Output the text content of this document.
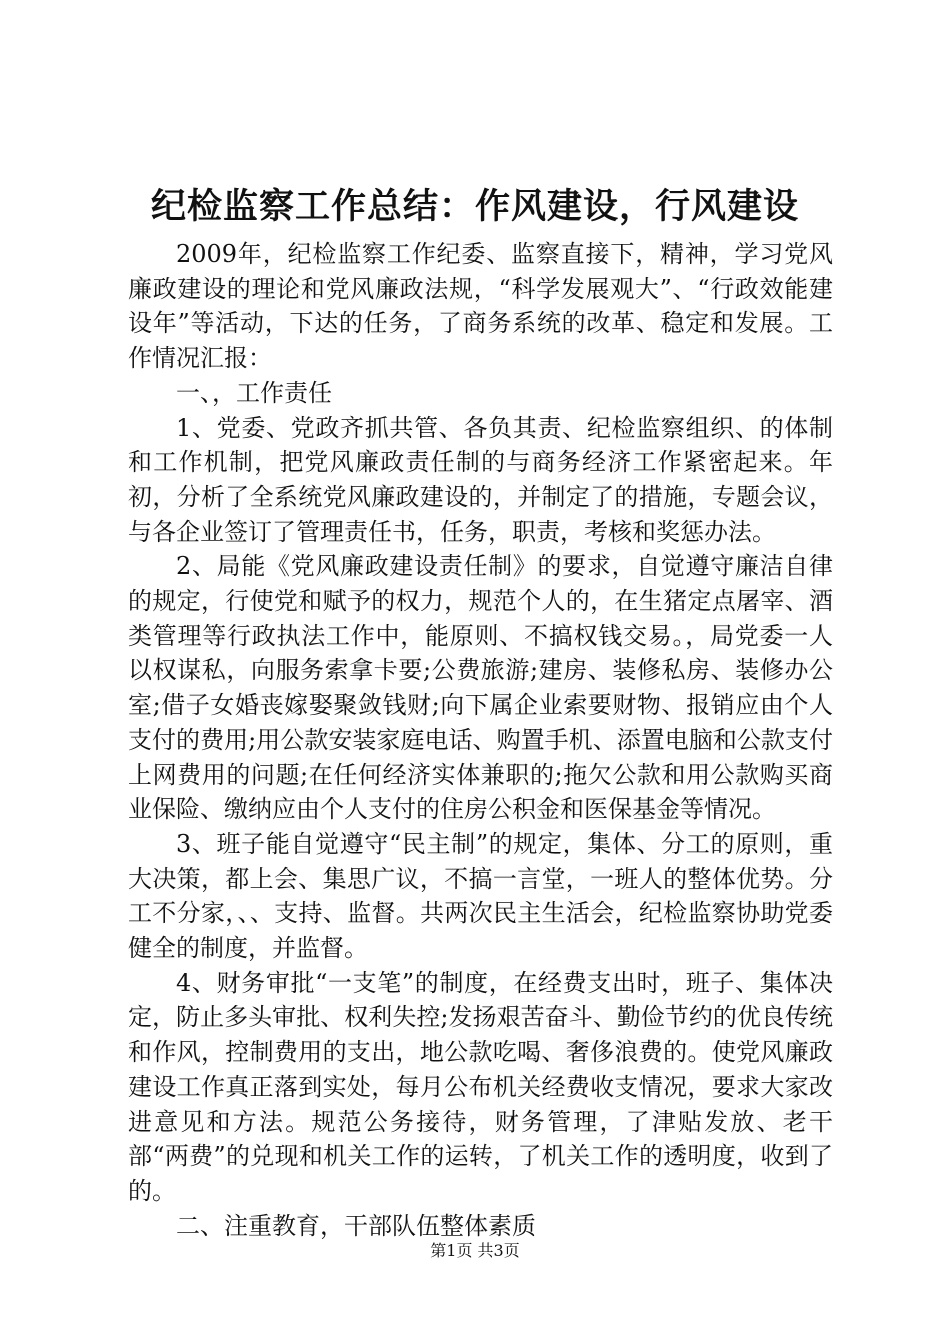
纪检监察工作总结：作风建设，行风建设

2009年，纪检监察工作纪委、监察直接下，精神，学习党风廉政建设的理论和党风廉政法规，“科学发展观大”、“行政效能建设年”等活动，下达的任务，了商务系统的改革、稳定和发展。工作情况汇报：

一、，工作责任

1、党委、党政齐抓共管、各负其责、纪检监察组织、的体制和工作机制，把党风廉政责任制的与商务经济工作紧密起来。年初，分析了全系统党风廉政建设的，并制定了的措施，专题会议，与各企业签订了管理责任书，任务，职责，考核和奖惩办法。

2、局能《党风廉政建设责任制》的要求，自觉遵守廉洁自律的规定，行使党和赋予的权力，规范个人的，在生猪定点屠宰、酒类管理等行政执法工作中，能原则、不搞权钱交易。，局党委一人以权谋私，向服务索拿卡要;公费旅游;建房、装修私房、装修办公室;借子女婚丧嫁娶聚敛钱财;向下属企业索要财物、报销应由个人支付的费用;用公款安装家庭电话、购置手机、添置电脑和公款支付上网费用的问题;在任何经济实体兼职的;拖欠公款和用公款购买商业保险、缴纳应由个人支付的住房公积金和医保基金等情况。

3、班子能自觉遵守“民主制”的规定，集体、分工的原则，重大决策，都上会、集思广议，不搞一言堂，一班人的整体优势。分工不分家，、、支持、监督。共两次民主生活会，纪检监察协助党委健全的制度，并监督。

4、财务审批“一支笔”的制度，在经费支出时，班子、集体决定，防止多头审批、权利失控;发扬艰苦奋斗、勤俭节约的优良传统和作风，控制费用的支出，地公款吃喝、奢侈浪费的。使党风廉政建设工作真正落到实处，每月公布机关经费收支情况，要求大家改进意见和方法。规范公务接待，财务管理，了津贴发放、老干部“两费”的兑现和机关工作的运转，了机关工作的透明度，收到了的。

二、注重教育，干部队伍整体素质

第1页 共3页
